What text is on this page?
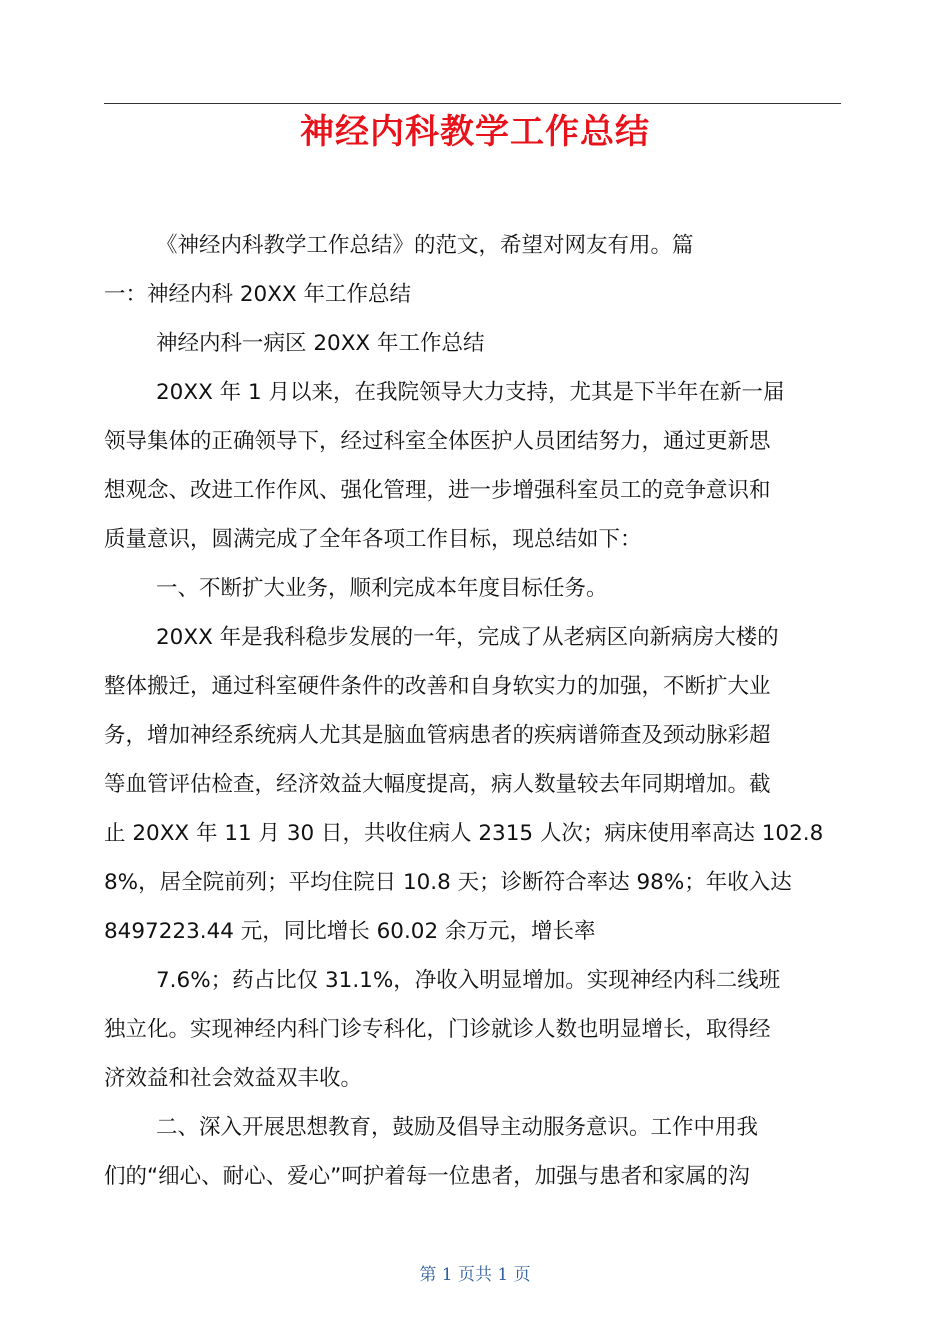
神经内科教学工作总结
《神经内科教学工作总结》的范文，希望对网友有用。篇
一：神经内科 20XX 年工作总结
神经内科一病区 20XX 年工作总结
20XX 年 1 月以来，在我院领导大力支持，尤其是下半年在新一届
领导集体的正确领导下，经过科室全体医护人员团结努力，通过更新思
想观念、改进工作作风、强化管理，进一步增强科室员工的竞争意识和
质量意识，圆满完成了全年各项工作目标，现总结如下：
一、不断扩大业务，顺利完成本年度目标任务。
20XX 年是我科稳步发展的一年，完成了从老病区向新病房大楼的
整体搬迁，通过科室硬件条件的改善和自身软实力的加强，不断扩大业
务，增加神经系统病人尤其是脑血管病患者的疾病谱筛查及颈动脉彩超
等血管评估检查，经济效益大幅度提高，病人数量较去年同期增加。截
止 20XX 年 11 月 30 日，共收住病人 2315 人次；病床使用率高达 102.8
8%，居全院前列；平均住院日 10.8 天；诊断符合率达 98%；年收入达
8497223.44 元，同比增长 60.02 余万元，增长率
7.6%；药占比仅 31.1%，净收入明显增加。实现神经内科二线班
独立化。实现神经内科门诊专科化，门诊就诊人数也明显增长，取得经
济效益和社会效益双丰收。
二、深入开展思想教育，鼓励及倡导主动服务意识。工作中用我
们的“细心、耐心、爱心”呵护着每一位患者，加强与患者和家属的沟
第 1 页共 1 页
